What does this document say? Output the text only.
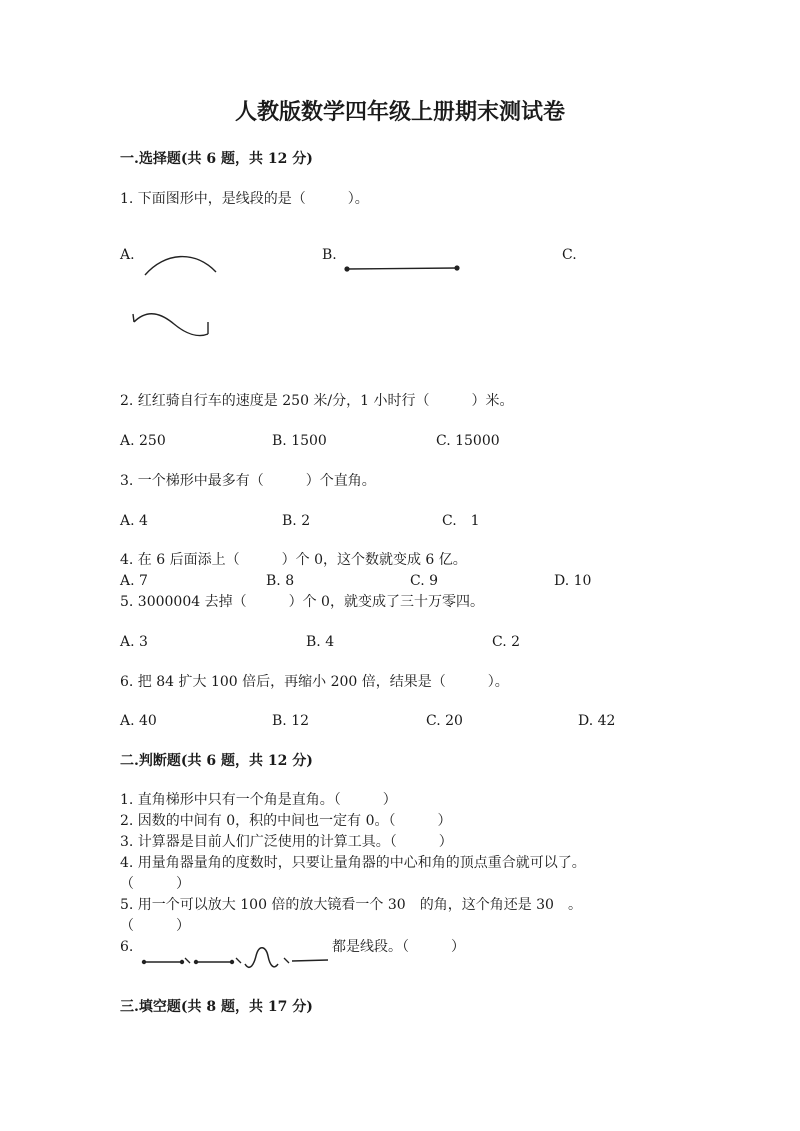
人教版数学四年级上册期末测试卷
一.选择题(共 6 题，共 12 分)
1. 下面图形中，是线段的是（　　　）。
A.	B.	C.
2. 红红骑自行车的速度是 250 米/分，1 小时行（　　　）米。
A. 250	B. 1500	C. 15000
3. 一个梯形中最多有（　　　）个直角。
A. 4	B. 2	C.　1
4. 在 6 后面添上（　　　）个 0，这个数就变成 6 亿。
A. 7	B. 8	C. 9	D. 10
5. 3000004 去掉（　　　）个 0，就变成了三十万零四。
A. 3	B. 4	C. 2
6. 把 84 扩大 100 倍后，再缩小 200 倍，结果是（　　　）。
A. 40	B. 12	C. 20	D. 42
二.判断题(共 6 题，共 12 分)
1. 直角梯形中只有一个角是直角。（　　　）
2. 因数的中间有 0，积的中间也一定有 0。（　　　）
3. 计算器是目前人们广泛使用的计算工具。（　　　）
4. 用量角器量角的度数时，只要让量角器的中心和角的顶点重合就可以了。
（　　　）
5. 用一个可以放大 100 倍的放大镜看一个 30　的角，这个角还是 30　。
（　　　）
6.	都是线段。（　　　）
三.填空题(共 8 题，共 17 分)
